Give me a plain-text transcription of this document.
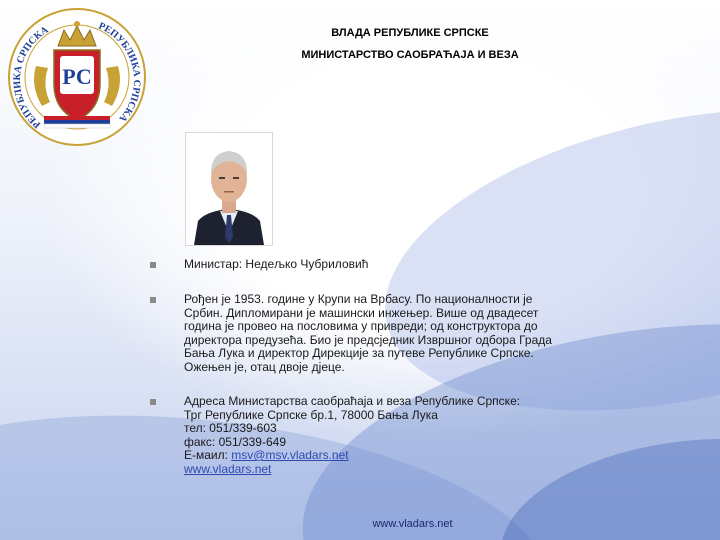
РЕПУБЛИКА СРПСКА	РЕПУБЛИКА СРПСКА
РС
ВЛАДА РЕПУБЛИКЕ СРПСКЕ
МИНИСТАРСТВО САОБРАЋАЈА И ВЕЗА
Министар: Недељко Чубриловић
Рођен је 1953. године у Крупи на Врбасу. По националности је
Србин. Дипломирани је машински инжењер. Више од двадесет
година је провео на пословима у привреди; од конструктора до
директора предузећа. Био је предсједник Извршног одбора Града
Бања Лука и директор Дирекције за путеве Републике Српске.
Ожењен је, отац двоје дјеце.
Адреса Министарства саобраћаја и веза Републике Српске:
Трг Републике Српске бр.1, 78000 Бања Лука
тел: 051/339-603
факс: 051/339-649
Е-маил: msv@msv.vladars.net
www.vladars.net
www.vladars.net
